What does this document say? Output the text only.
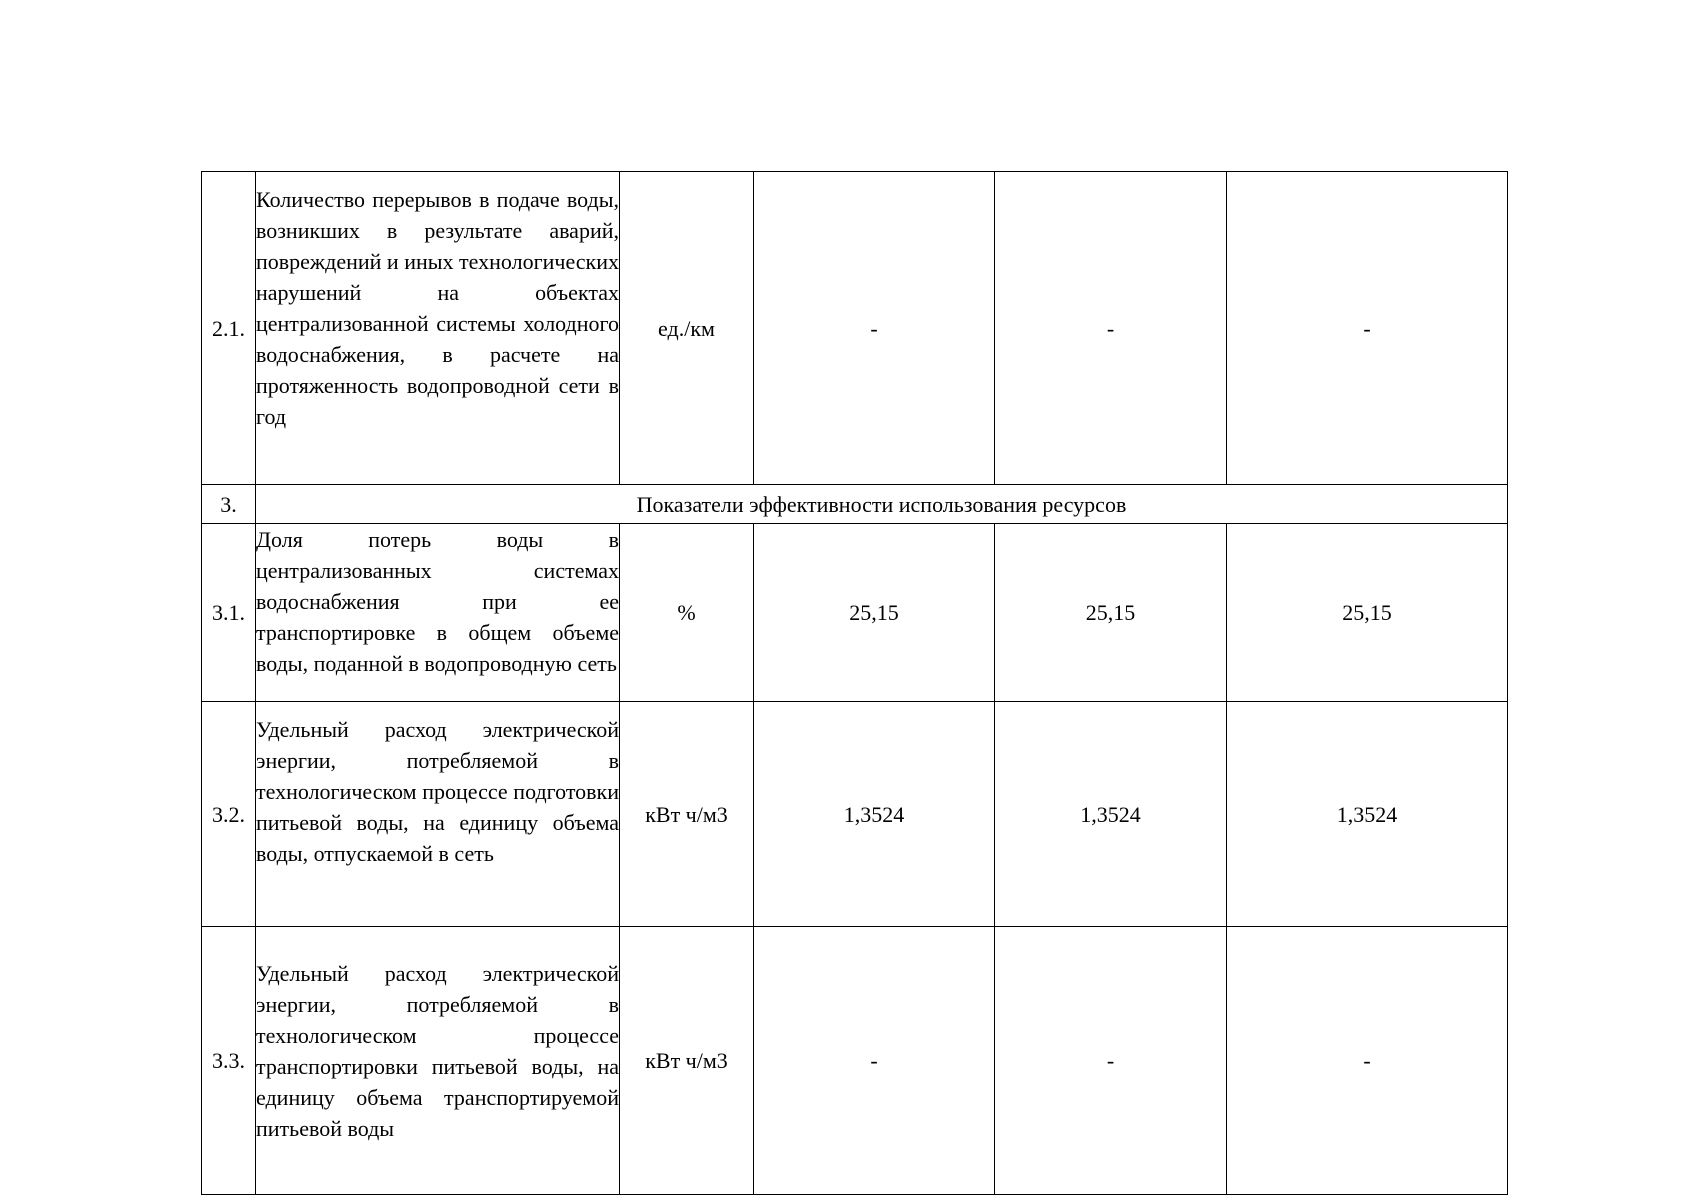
2.1.	Количество перерывов в подаче воды, возникших в результате аварий, повреждений и иных технологических нарушений на объектах централизованной системы холодного водоснабжения, в расчете на протяженность водопроводной сети в год	ед./км	-	-	-
3.	Показатели эффективности использования ресурсов				
3.1.	Доля потерь воды в централизованных системах водоснабжения при ее транспортировке в общем объеме воды, поданной в водопроводную сеть	%	25,15	25,15	25,15
3.2.	Удельный расход электрической энергии, потребляемой в технологическом процессе подготовки питьевой воды, на единицу объема воды, отпускаемой в сеть	кВт ч/м3	1,3524	1,3524	1,3524
3.3.	Удельный расход электрической энергии, потребляемой в технологическом процессе транспортировки питьевой воды, на единицу объема транспортируемой питьевой воды	кВт ч/м3	-	-	-
